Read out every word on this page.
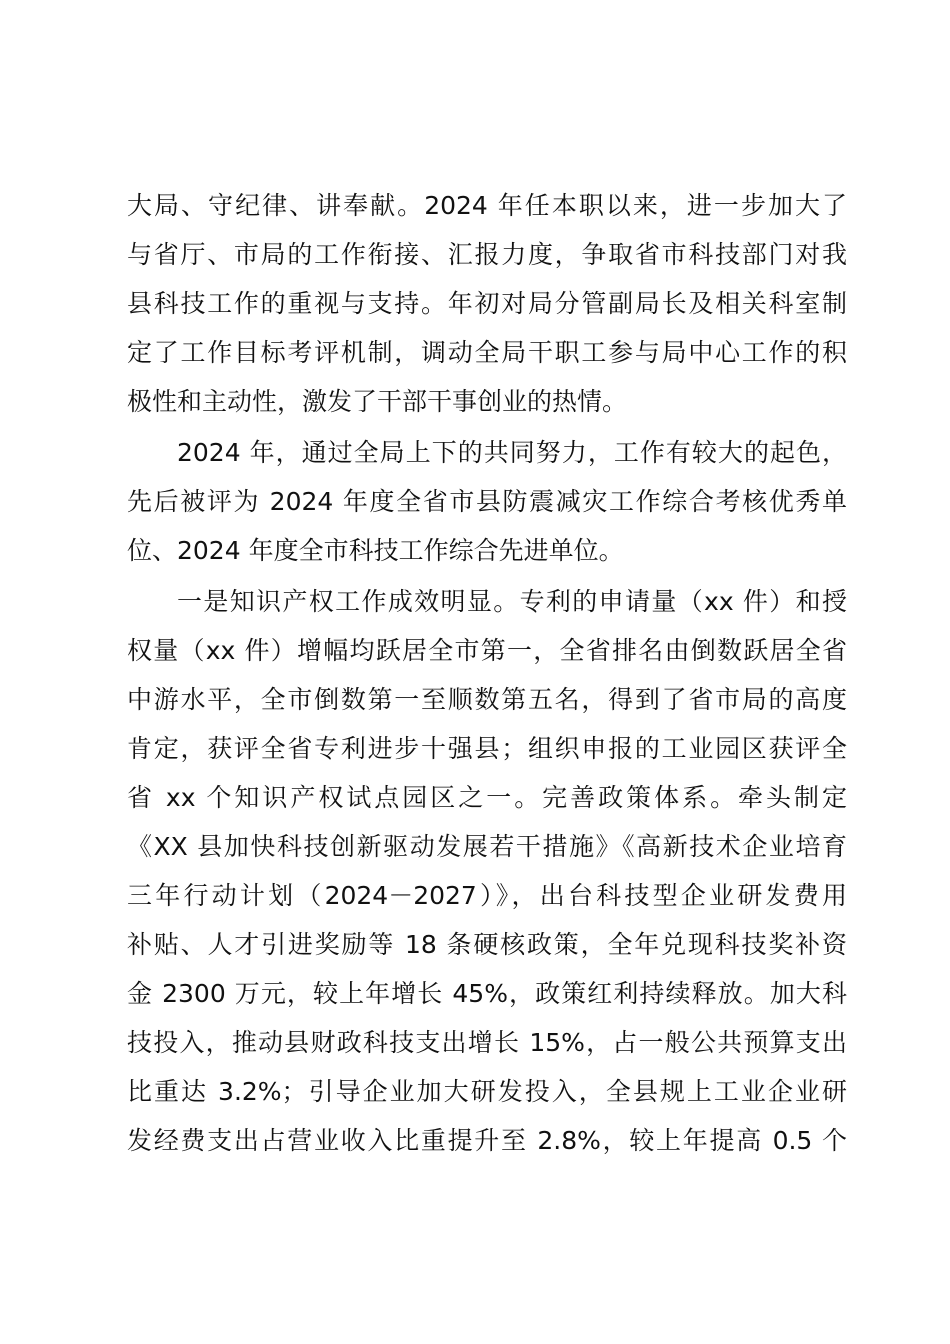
大局、守纪律、讲奉献。2024 年任本职以来，进一步加大了
与省厅、市局的工作衔接、汇报力度，争取省市科技部门对我
县科技工作的重视与支持。年初对局分管副局长及相关科室制
定了工作目标考评机制，调动全局干职工参与局中心工作的积
极性和主动性，激发了干部干事创业的热情。
2024 年，通过全局上下的共同努力，工作有较大的起色，
先后被评为 2024 年度全省市县防震减灾工作综合考核优秀单
位、2024 年度全市科技工作综合先进单位。
一是知识产权工作成效明显。专利的申请量（xx 件）和授
权量（xx 件）增幅均跃居全市第一，全省排名由倒数跃居全省
中游水平，全市倒数第一至顺数第五名，得到了省市局的高度
肯定，获评全省专利进步十强县；组织申报的工业园区获评全
省 xx 个知识产权试点园区之一。完善政策体系。牵头制定
《XX 县加快科技创新驱动发展若干措施》《高新技术企业培育
三年行动计划（2024－2027）》，出台科技型企业研发费用
补贴、人才引进奖励等 18 条硬核政策，全年兑现科技奖补资
金 2300 万元，较上年增长 45%，政策红利持续释放。加大科
技投入，推动县财政科技支出增长 15%，占一般公共预算支出
比重达 3.2%；引导企业加大研发投入，全县规上工业企业研
发经费支出占营业收入比重提升至 2.8%，较上年提高 0.5 个
